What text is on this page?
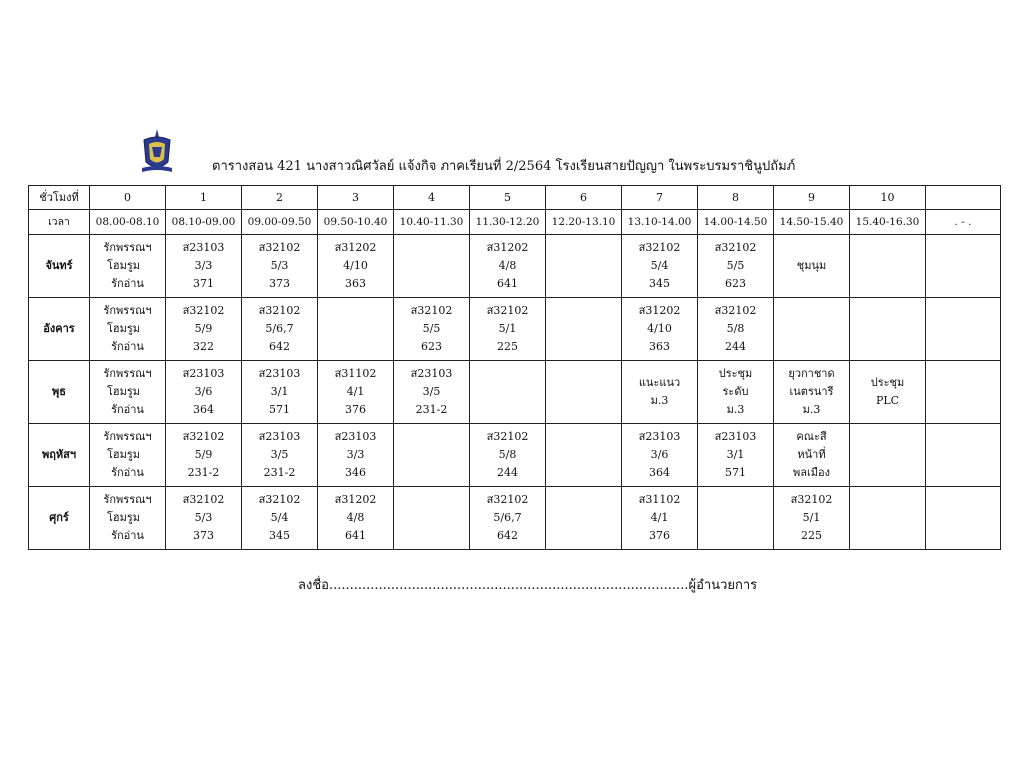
ตารางสอน 421 นางสาวณิศวัลย์ แจ้งกิจ ภาคเรียนที่ 2/2564 โรงเรียนสายปัญญา ในพระบรมราชินูปถัมภ์
ชั่วโมงที่	0	1	2	3	4	5	6	7	8	9	10	
เวลา	08.00-08.10	08.10-09.00	09.00-09.50	09.50-10.40	10.40-11.30	11.30-12.20	12.20-13.10	13.10-14.00	14.00-14.50	14.50-15.40	15.40-16.30	. - .
จันทร์	รักพรรณฯ
โฮมรูม
รักอ่าน	ส23103
3/3
371	ส32102
5/3
373	ส31202
4/10
363		ส31202
4/8
641		ส32102
5/4
345	ส32102
5/5
623	ชุมนุม		

อังคาร	รักพรรณฯ
โฮมรูม
รักอ่าน	ส32102
5/9
322	ส32102
5/6,7
642		ส32102
5/5
623	ส32102
5/1
225		ส31202
4/10
363	ส32102
5/8
244			

พุธ	รักพรรณฯ
โฮมรูม
รักอ่าน	ส23103
3/6
364	ส23103
3/1
571	ส31102
4/1
376	ส23103
3/5
231-2			แนะแนว
ม.3	ประชุม
ระดับ
ม.3	ยุวกาชาด
เนตรนารี
ม.3	ประชุม
PLC	

พฤหัสฯ	รักพรรณฯ
โฮมรูม
รักอ่าน	ส32102
5/9
231-2	ส23103
3/5
231-2	ส23103
3/3
346		ส32102
5/8
244		ส23103
3/6
364	ส23103
3/1
571	คณะสี
หน้าที่
พลเมือง		

ศุกร์	รักพรรณฯ
โฮมรูม
รักอ่าน	ส32102
5/3
373	ส32102
5/4
345	ส31202
4/8
641		ส32102
5/6,7
642		ส31102
4/1
376		ส32102
5/1
225		

ลงชื่อ.......................................................................................ผู้อำนวยการ
